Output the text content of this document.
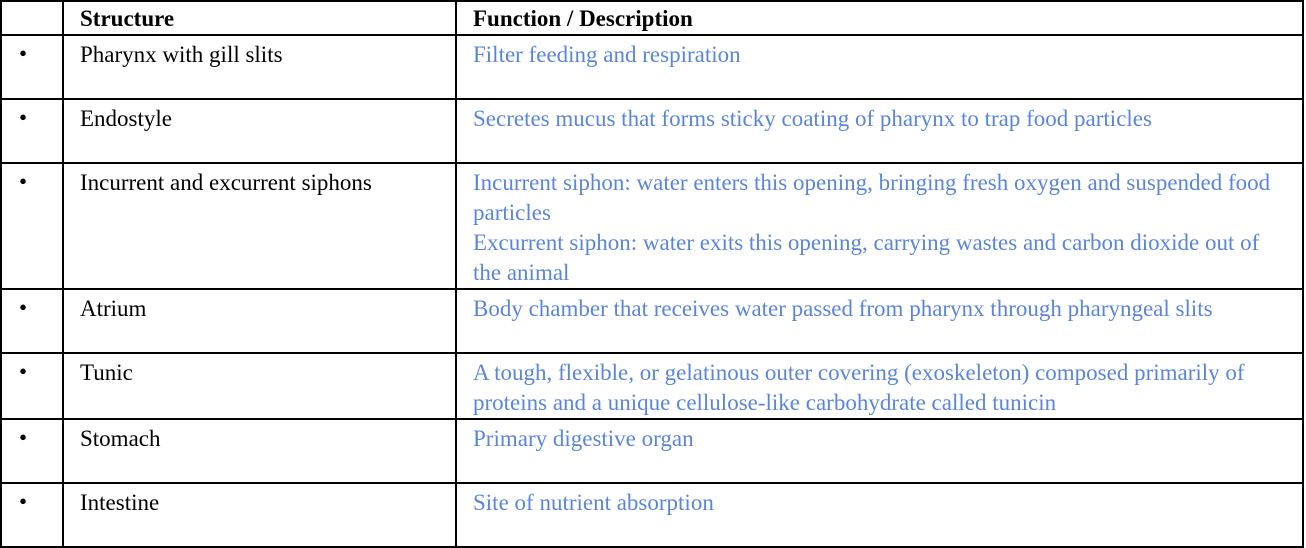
	Structure	Function / Description
•	Pharynx with gill slits	Filter feeding and respiration

•	Endostyle	Secretes mucus that forms sticky coating of pharynx to trap food particles

•	Incurrent and excurrent siphons	Incurrent siphon: water enters this opening, bringing fresh oxygen and suspended food particles
Excurrent siphon: water exits this opening, carrying wastes and carbon dioxide out of the animal

•	Atrium	Body chamber that receives water passed from pharynx through pharyngeal slits

•	Tunic	A tough, flexible, or gelatinous outer covering (exoskeleton) composed primarily of proteins and a unique cellulose-like carbohydrate called tunicin

•	Stomach	Primary digestive organ

•	Intestine	Site of nutrient absorption
